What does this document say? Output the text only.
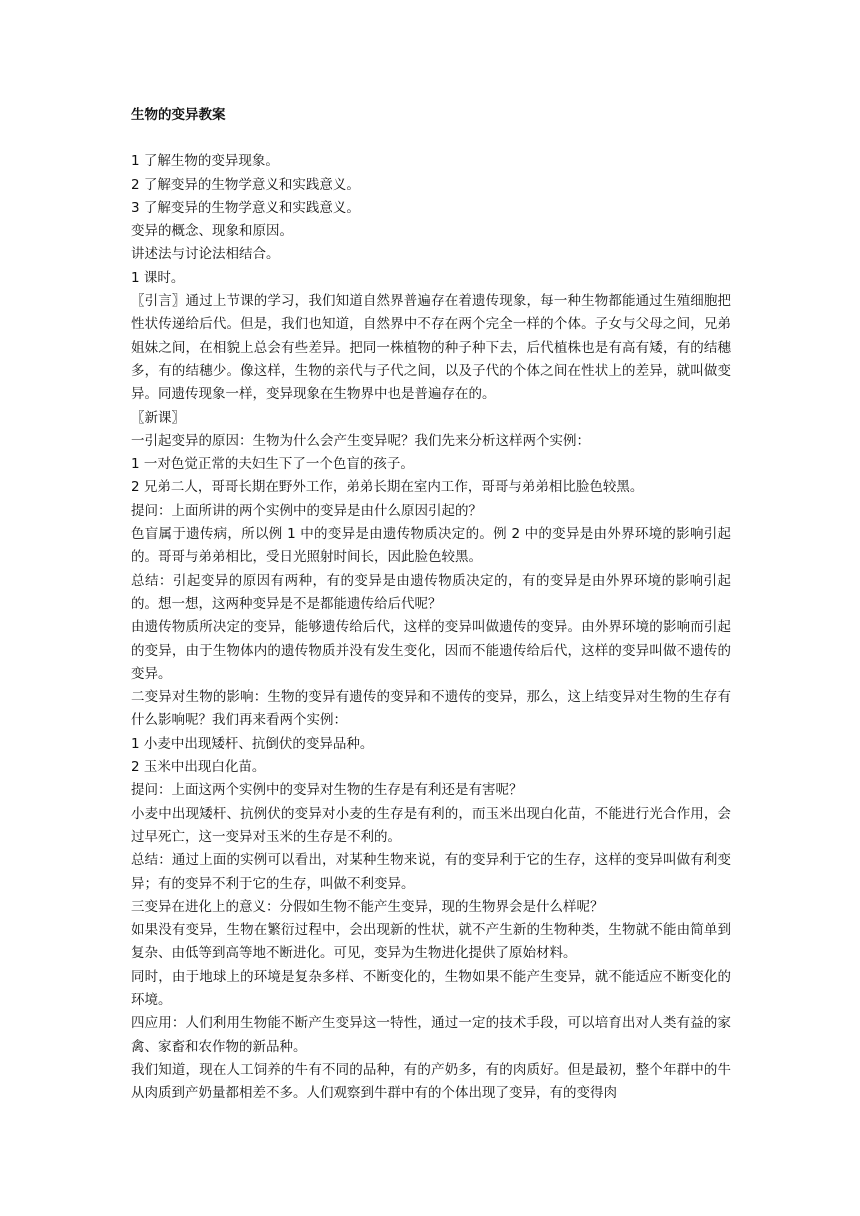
生物的变异教案

1 了解生物的变异现象。

2 了解变异的生物学意义和实践意义。

3 了解变异的生物学意义和实践意义。

变异的概念、现象和原因。

讲述法与讨论法相结合。

1 课时。

〖引言〗通过上节课的学习，我们知道自然界普遍存在着遗传现象，每一种生物都能通过生殖细胞把性状传递给后代。但是，我们也知道，自然界中不存在两个完全一样的个体。子女与父母之间，兄弟姐妹之间，在相貌上总会有些差异。把同一株植物的种子种下去，后代植株也是有高有矮，有的结穗多，有的结穗少。像这样，生物的亲代与子代之间，以及子代的个体之间在性状上的差异，就叫做变异。同遗传现象一样，变异现象在生物界中也是普遍存在的。

〖新课〗

一引起变异的原因：生物为什么会产生变异呢？我们先来分析这样两个实例：

1 一对色觉正常的夫妇生下了一个色盲的孩子。

2 兄弟二人，哥哥长期在野外工作，弟弟长期在室内工作，哥哥与弟弟相比脸色较黑。

提问：上面所讲的两个实例中的变异是由什么原因引起的？

色盲属于遗传病，所以例 1 中的变异是由遗传物质决定的。例 2 中的变异是由外界环境的影响引起的。哥哥与弟弟相比，受日光照射时间长，因此脸色较黑。

总结：引起变异的原因有两种，有的变异是由遗传物质决定的，有的变异是由外界环境的影响引起的。想一想，这两种变异是不是都能遗传给后代呢？

由遗传物质所决定的变异，能够遗传给后代，这样的变异叫做遗传的变异。由外界环境的影响而引起的变异，由于生物体内的遗传物质并没有发生变化，因而不能遗传给后代，这样的变异叫做不遗传的变异。

二变异对生物的影响：生物的变异有遗传的变异和不遗传的变异，那么，这上结变异对生物的生存有什么影响呢？我们再来看两个实例：

1 小麦中出现矮杆、抗倒伏的变异品种。

2 玉米中出现白化苗。

提问：上面这两个实例中的变异对生物的生存是有利还是有害呢？

小麦中出现矮杆、抗例伏的变异对小麦的生存是有利的，而玉米出现白化苗，不能进行光合作用，会过早死亡，这一变异对玉米的生存是不利的。

总结：通过上面的实例可以看出，对某种生物来说，有的变异利于它的生存，这样的变异叫做有利变异；有的变异不利于它的生存，叫做不利变异。

三变异在进化上的意义：分假如生物不能产生变异，现的生物界会是什么样呢？

如果没有变异，生物在繁衍过程中，会出现新的性状，就不产生新的生物种类，生物就不能由简单到复杂、由低等到高等地不断进化。可见，变异为生物进化提供了原始材料。

同时，由于地球上的环境是复杂多样、不断变化的，生物如果不能产生变异，就不能适应不断变化的环境。

四应用：人们利用生物能不断产生变异这一特性，通过一定的技术手段，可以培育出对人类有益的家禽、家畜和农作物的新品种。

我们知道，现在人工饲养的牛有不同的品种，有的产奶多，有的肉质好。但是最初，整个年群中的牛从肉质到产奶量都相差不多。人们观察到牛群中有的个体出现了变异，有的变得肉
